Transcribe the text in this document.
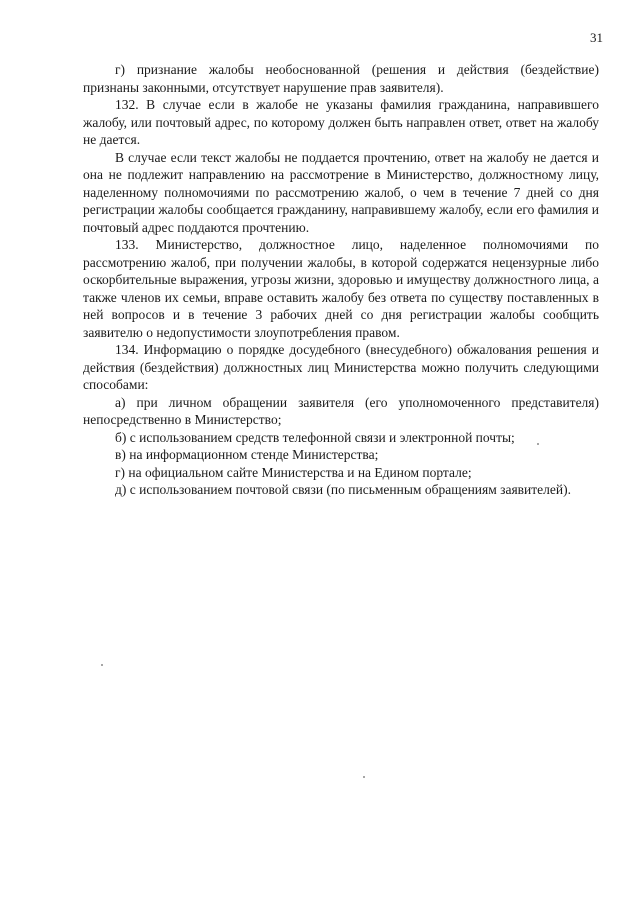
31

г) признание жалобы необоснованной (решения и действия (бездействие) признаны законными, отсутствует нарушение прав заявителя).

132. В случае если в жалобе не указаны фамилия гражданина, направившего жалобу, или почтовый адрес, по которому должен быть направлен ответ, ответ на жалобу не дается.

В случае если текст жалобы не поддается прочтению, ответ на жалобу не дается и она не подлежит направлению на рассмотрение в Министерство, должностному лицу, наделенному полномочиями по рассмотрению жалоб, о чем в течение 7 дней со дня регистрации жалобы сообщается гражданину, направившему жалобу, если его фамилия и почтовый адрес поддаются прочтению.

133. Министерство, должностное лицо, наделенное полномочиями по рассмотрению жалоб, при получении жалобы, в которой содержатся нецензурные либо оскорбительные выражения, угрозы жизни, здоровью и имуществу должностного лица, а также членов их семьи, вправе оставить жалобу без ответа по существу поставленных в ней вопросов и в течение 3 рабочих дней со дня регистрации жалобы сообщить заявителю о недопустимости злоупотребления правом.

134. Информацию о порядке досудебного (внесудебного) обжалования решения и действия (бездействия) должностных лиц Министерства можно получить следующими способами:

а) при личном обращении заявителя (его уполномоченного представителя) непосредственно в Министерство;

б) с использованием средств телефонной связи и электронной почты;

в) на информационном стенде Министерства;

г) на официальном сайте Министерства и на Едином портале;

д) с использованием почтовой связи (по письменным обращениям заявителей).
